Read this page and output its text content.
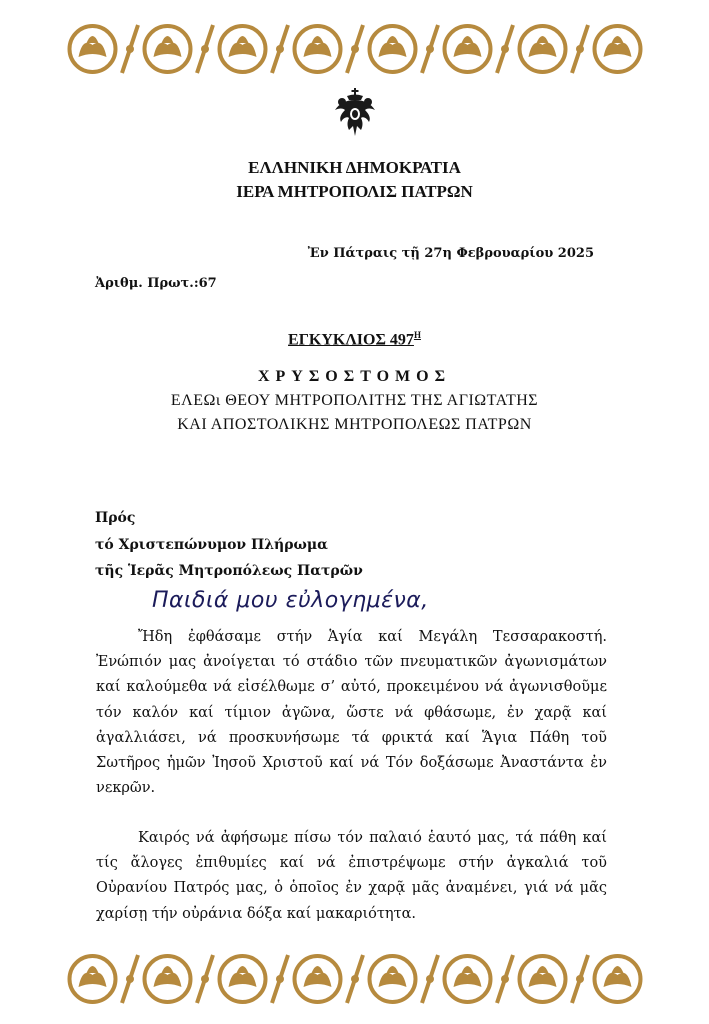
ΕΛΛΗΝΙΚΗ ΔΗΜΟΚΡΑΤΙΑ
ΙΕΡΑ ΜΗΤΡΟΠΟΛΙΣ ΠΑΤΡΩΝ
Ἐν Πάτραις τῇ 27η Φεβρουαρίου 2025
Ἀριθμ. Πρωτ.:67
ΕΓΚΥΚΛΙΟΣ $497^H$
ΧΡΥΣΟΣΤΟΜΟΣ
ΕΛΕΩι ΘΕΟΥ ΜΗΤΡΟΠΟΛΙΤΗΣ ΤΗΣ ΑΓΙΩΤΑΤΗΣ
ΚΑΙ ΑΠΟΣΤΟΛΙΚΗΣ ΜΗΤΡΟΠΟΛΕΩΣ ΠΑΤΡΩΝ
Πρός
τό Χριστεπώνυμον Πλήρωμα
τῆς Ἱερᾶς Μητροπόλεως Πατρῶν
Παιδιά μου εὐλογημένα,
Ἤδη ἐφθάσαμε στήν Ἁγία καί Μεγάλη Τεσσαρακοστή. Ἐνώπιόν μας ἀνοίγεται τό στάδιο τῶν πνευματικῶν ἀγωνισμάτων καί καλούμεθα νά εἰσέλθωμε σ’ αὐτό, προκειμένου νά ἀγωνισθοῦμε τόν καλόν καί τίμιον ἀγῶνα, ὥστε νά φθάσωμε, ἐν χαρᾷ καί ἀγαλλιάσει, νά προσκυνήσωμε τά φρικτά καί Ἅγια Πάθη τοῦ Σωτῆρος ἡμῶν Ἰησοῦ Χριστοῦ καί νά Τόν δοξάσωμε Ἀναστάντα ἐν νεκρῶν.
Καιρός νά ἀφήσωμε πίσω τόν παλαιό ἑαυτό μας, τά πάθη καί τίς ἄλογες ἐπιθυμίες καί νά ἐπιστρέψωμε στήν ἀγκαλιά τοῦ Οὐρανίου Πατρός μας, ὁ ὁποῖος ἐν χαρᾷ μᾶς ἀναμένει, γιά νά μᾶς χαρίσῃ τήν οὐράνια δόξα καί μακαριότητα.
